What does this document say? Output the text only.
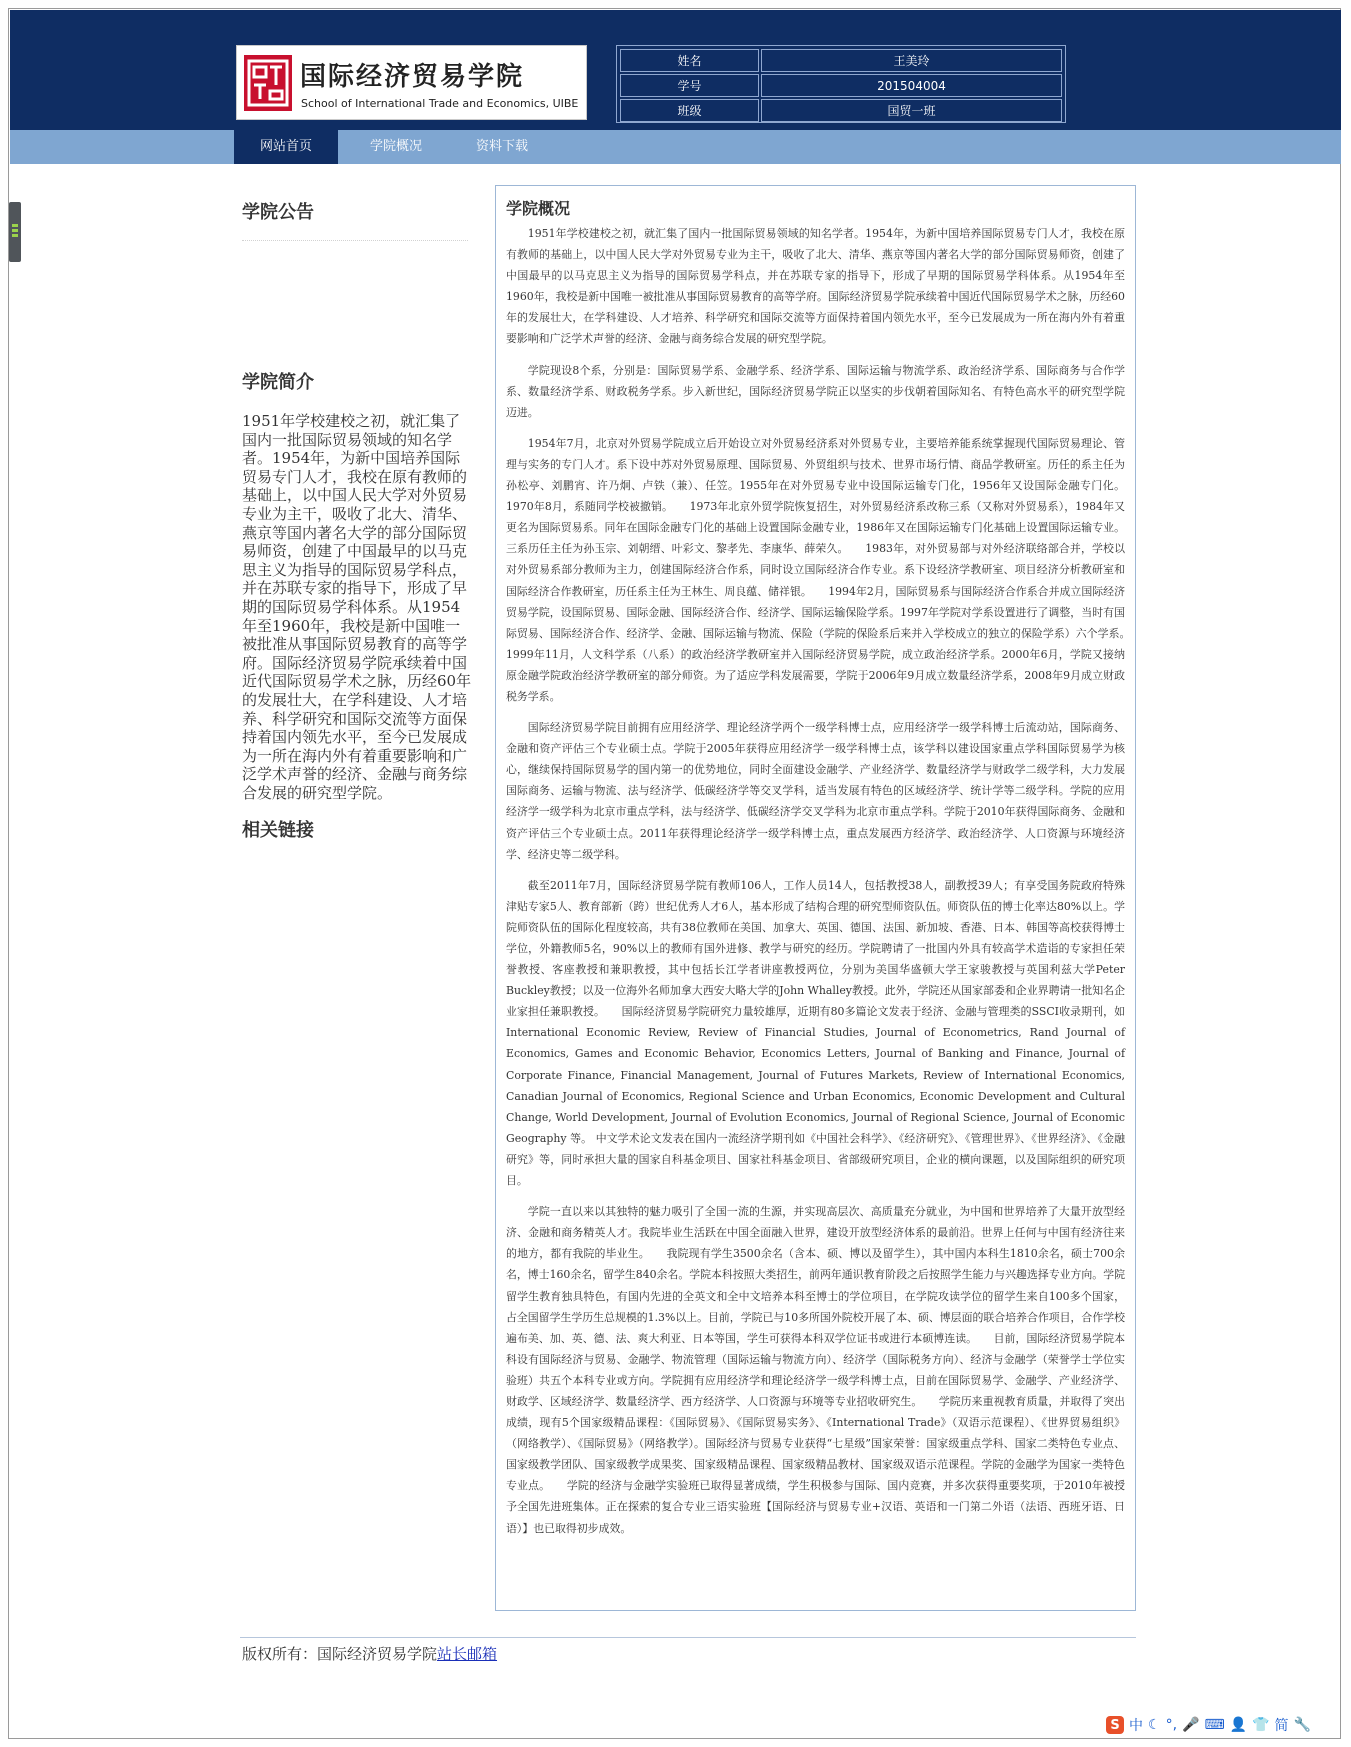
国际经济贸易学院
School of International Trade and Economics, UIBE
姓名	王美玲
学号	201504004
班级	国贸一班
网站首页	学院概况	资料下载
学院公告
学院简介

1951年学校建校之初，就汇集了国内一批国际贸易领域的知名学者。1954年，为新中国培养国际贸易专门人才，我校在原有教师的基础上，以中国人民大学对外贸易专业为主干，吸收了北大、清华、燕京等国内著名大学的部分国际贸易师资，创建了中国最早的以马克思主义为指导的国际贸易学科点，并在苏联专家的指导下，形成了早期的国际贸易学科体系。从1954年至1960年，我校是新中国唯一被批准从事国际贸易教育的高等学府。国际经济贸易学院承续着中国近代国际贸易学术之脉，历经60年的发展壮大，在学科建设、人才培养、科学研究和国际交流等方面保持着国内领先水平，至今已发展成为一所在海内外有着重要影响和广泛学术声誉的经济、金融与商务综合发展的研究型学院。

学院概况

1951年学校建校之初，就汇集了国内一批国际贸易领域的知名学者。1954年，为新中国培养国际贸易专门人才，我校在原有教师的基础上，以中国人民大学对外贸易专业为主干，吸收了北大、清华、燕京等国内著名大学的部分国际贸易师资，创建了中国最早的以马克思主义为指导的国际贸易学科点，并在苏联专家的指导下，形成了早期的国际贸易学科体系。从1954年至1960年，我校是新中国唯一被批准从事国际贸易教育的高等学府。国际经济贸易学院承续着中国近代国际贸易学术之脉，历经60年的发展壮大，在学科建设、人才培养、科学研究和国际交流等方面保持着国内领先水平，至今已发展成为一所在海内外有着重要影响和广泛学术声誉的经济、金融与商务综合发展的研究型学院。

学院现设8个系，分别是：国际贸易学系、金融学系、经济学系、国际运输与物流学系、政治经济学系、国际商务与合作学系、数量经济学系、财政税务学系。步入新世纪，国际经济贸易学院正以坚实的步伐朝着国际知名、有特色高水平的研究型学院迈进。

1954年7月，北京对外贸易学院成立后开始设立对外贸易经济系对外贸易专业，主要培养能系统掌握现代国际贸易理论、管理与实务的专门人才。系下设中苏对外贸易原理、国际贸易、外贸组织与技术、世界市场行情、商品学教研室。历任的系主任为孙松亭、刘鹏宵、许乃炯、卢铁（兼）、任笠。1955年在对外贸易专业中设国际运输专门化，1956年又设国际金融专门化。1970年8月，系随同学校被撤销。　　1973年北京外贸学院恢复招生，对外贸易经济系改称三系（又称对外贸易系），1984年又更名为国际贸易系。同年在国际金融专门化的基础上设置国际金融专业，1986年又在国际运输专门化基础上设置国际运输专业。三系历任主任为孙玉宗、刘朝缙、叶彩文、黎孝先、李康华、薛荣久。　　1983年，对外贸易部与对外经济联络部合并，学校以对外贸易系部分教师为主力，创建国际经济合作系，同时设立国际经济合作专业。系下设经济学教研室、项目经济分析教研室和国际经济合作教研室，历任系主任为王林生、周良蕴、储祥银。　　1994年2月，国际贸易系与国际经济合作系合并成立国际经济贸易学院，设国际贸易、国际金融、国际经济合作、经济学、国际运输保险学系。1997年学院对学系设置进行了调整，当时有国际贸易、国际经济合作、经济学、金融、国际运输与物流、保险（学院的保险系后来并入学校成立的独立的保险学系）六个学系。　　1999年11月，人文科学系（八系）的政治经济学教研室并入国际经济贸易学院，成立政治经济学系。2000年6月，学院又接纳原金融学院政治经济学教研室的部分师资。为了适应学科发展需要，学院于2006年9月成立数量经济学系，2008年9月成立财政税务学系。

国际经济贸易学院目前拥有应用经济学、理论经济学两个一级学科博士点，应用经济学一级学科博士后流动站，国际商务、金融和资产评估三个专业硕士点。学院于2005年获得应用经济学一级学科博士点，该学科以建设国家重点学科国际贸易学为核心，继续保持国际贸易学的国内第一的优势地位，同时全面建设金融学、产业经济学、数量经济学与财政学二级学科，大力发展国际商务、运输与物流、法与经济学、低碳经济学等交叉学科，适当发展有特色的区域经济学、统计学等二级学科。学院的应用经济学一级学科为北京市重点学科，法与经济学、低碳经济学交叉学科为北京市重点学科。学院于2010年获得国际商务、金融和资产评估三个专业硕士点。2011年获得理论经济学一级学科博士点，重点发展西方经济学、政治经济学、人口资源与环境经济学、经济史等二级学科。

截至2011年7月，国际经济贸易学院有教师106人，工作人员14人，包括教授38人，副教授39人；有享受国务院政府特殊津贴专家5人、教育部新（跨）世纪优秀人才6人，基本形成了结构合理的研究型师资队伍。师资队伍的博士化率达80%以上。学院师资队伍的国际化程度较高，共有38位教师在美国、加拿大、英国、德国、法国、新加坡、香港、日本、韩国等高校获得博士学位，外籍教师5名，90%以上的教师有国外进修、教学与研究的经历。学院聘请了一批国内外具有较高学术造诣的专家担任荣誉教授、客座教授和兼职教授，其中包括长江学者讲座教授两位，分别为美国华盛顿大学王家骏教授与英国利兹大学Peter Buckley教授；以及一位海外名师加拿大西安大略大学的John Whalley教授。此外，学院还从国家部委和企业界聘请一批知名企业家担任兼职教授。　　国际经济贸易学院研究力量较雄厚，近期有80多篇论文发表于经济、金融与管理类的SSCI收录期刊，如International Economic Review, Review of Financial Studies, Journal of Econometrics, Rand Journal of Economics, Games and Economic Behavior, Economics Letters, Journal of Banking and Finance, Journal of Corporate Finance, Financial Management, Journal of Futures Markets, Review of International Economics, Canadian Journal of Economics, Regional Science and Urban Economics, Economic Development and Cultural Change, World Development, Journal of Evolution Economics, Journal of Regional Science, Journal of Economic Geography 等。 中文学术论文发表在国内一流经济学期刊如《中国社会科学》、《经济研究》、《管理世界》、《世界经济》、《金融研究》等，同时承担大量的国家自科基金项目、国家社科基金项目、省部级研究项目，企业的横向课题，以及国际组织的研究项目。

学院一直以来以其独特的魅力吸引了全国一流的生源，并实现高层次、高质量充分就业，为中国和世界培养了大量开放型经济、金融和商务精英人才。我院毕业生活跃在中国全面融入世界，建设开放型经济体系的最前沿。世界上任何与中国有经济往来的地方，都有我院的毕业生。　　我院现有学生3500余名（含本、硕、博以及留学生），其中国内本科生1810余名，硕士700余名，博士160余名，留学生840余名。学院本科按照大类招生，前两年通识教育阶段之后按照学生能力与兴趣选择专业方向。学院留学生教育独具特色，有国内先进的全英文和全中文培养本科至博士的学位项目，在学院攻读学位的留学生来自100多个国家，占全国留学生学历生总规模的1.3%以上。目前，学院已与10多所国外院校开展了本、硕、博层面的联合培养合作项目，合作学校遍布美、加、英、德、法、爽大利亚、日本等国，学生可获得本科双学位证书或进行本硕博连读。　　目前，国际经济贸易学院本科设有国际经济与贸易、金融学、物流管理（国际运输与物流方向）、经济学（国际税务方向）、经济与金融学（荣誉学士学位实验班）共五个本科专业或方向。学院拥有应用经济学和理论经济学一级学科博士点，目前在国际贸易学、金融学、产业经济学、财政学、区域经济学、数量经济学、西方经济学、人口资源与环境等专业招收研究生。　　学院历来重视教育质量，并取得了突出成绩，现有5个国家级精品课程：《国际贸易》、《国际贸易实务》、《International Trade》（双语示范课程）、《世界贸易组织》（网络教学）、《国际贸易》（网络教学）。国际经济与贸易专业获得“七星级”国家荣誉：国家级重点学科、国家二类特色专业点、国家级教学团队、国家级教学成果奖、国家级精品课程、国家级精品教材、国家级双语示范课程。学院的金融学为国家一类特色专业点。　　学院的经济与金融学实验班已取得显著成绩，学生积极参与国际、国内竞赛，并多次获得重要奖项，于2010年被授予全国先进班集体。正在探索的复合专业三语实验班【国际经济与贸易专业+汉语、英语和一门第二外语（法语、西班牙语、日语）】也已取得初步成效。

版权所有：国际经济贸易学院站长邮箱
S 中 ☾ °, 🎤 ⌨ 👤 👕 简 🔧
